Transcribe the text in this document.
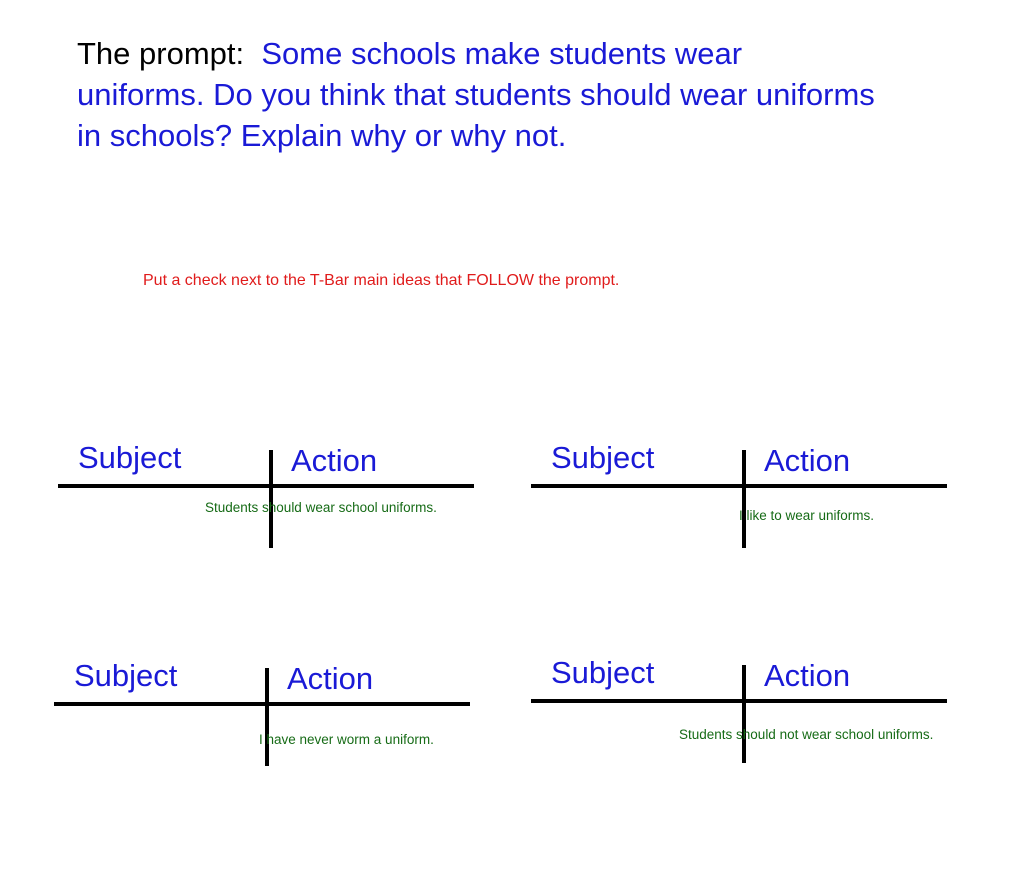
The prompt: Some schools make students wear uniforms. Do you think that students should wear uniforms in schools? Explain why or why not.

Put a check next to the T-Bar main ideas that FOLLOW the prompt.

Subject	Action
Students should wear school uniforms.
Subject	Action
I like to wear uniforms.
Subject	Action
I have never worm a uniform.
Subject	Action
Students should not wear school uniforms.
